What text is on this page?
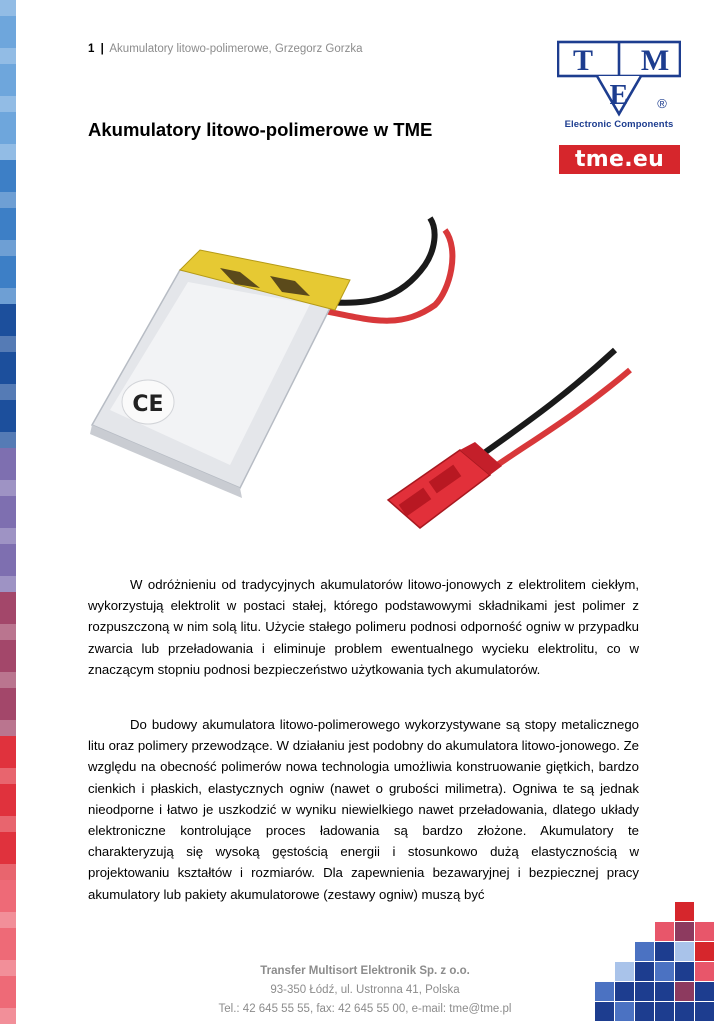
1 | Akumulatory litowo-polimerowe, Grzegorz Gorzka	T M
E ®
Electronic Components
tme.eu
Akumulatory litowo-polimerowe w TME
CE

W odróżnieniu od tradycyjnych akumulatorów litowo-jonowych z elektrolitem ciekłym, wykorzystują elektrolit w postaci stałej, którego podstawowymi składnikami jest polimer z rozpuszczoną w nim solą litu. Użycie stałego polimeru podnosi odporność ogniw w przypadku zwarcia lub przeładowania i eliminuje problem ewentualnego wycieku elektrolitu, co w znaczącym stopniu podnosi bezpieczeństwo użytkowania tych akumulatorów.

Do budowy akumulatora litowo-polimerowego wykorzystywane są stopy metalicznego litu oraz polimery przewodzące. W działaniu jest podobny do akumulatora litowo-jonowego. Ze względu na obecność polimerów nowa technologia umożliwia konstruowanie giętkich, bardzo cienkich i płaskich, elastycznych ogniw (nawet o grubości milimetra). Ogniwa te są jednak nieodporne i łatwo je uszkodzić w wyniku niewielkiego nawet przeładowania, dlatego układy elektroniczne kontrolujące proces ładowania są bardzo złożone. Akumulatory te charakteryzują się wysoką gęstością energii i stosunkowo dużą elastycznością w projektowaniu kształtów i rozmiarów. Dla zapewnienia bezawaryjnej i bezpiecznej pracy akumulatory lub pakiety akumulatorowe (zestawy ogniw) muszą być

Transfer Multisort Elektronik Sp. z o.o.
93-350 Łódź, ul. Ustronna 41, Polska
Tel.: 42 645 55 55, fax: 42 645 55 00, e-mail: tme@tme.pl
